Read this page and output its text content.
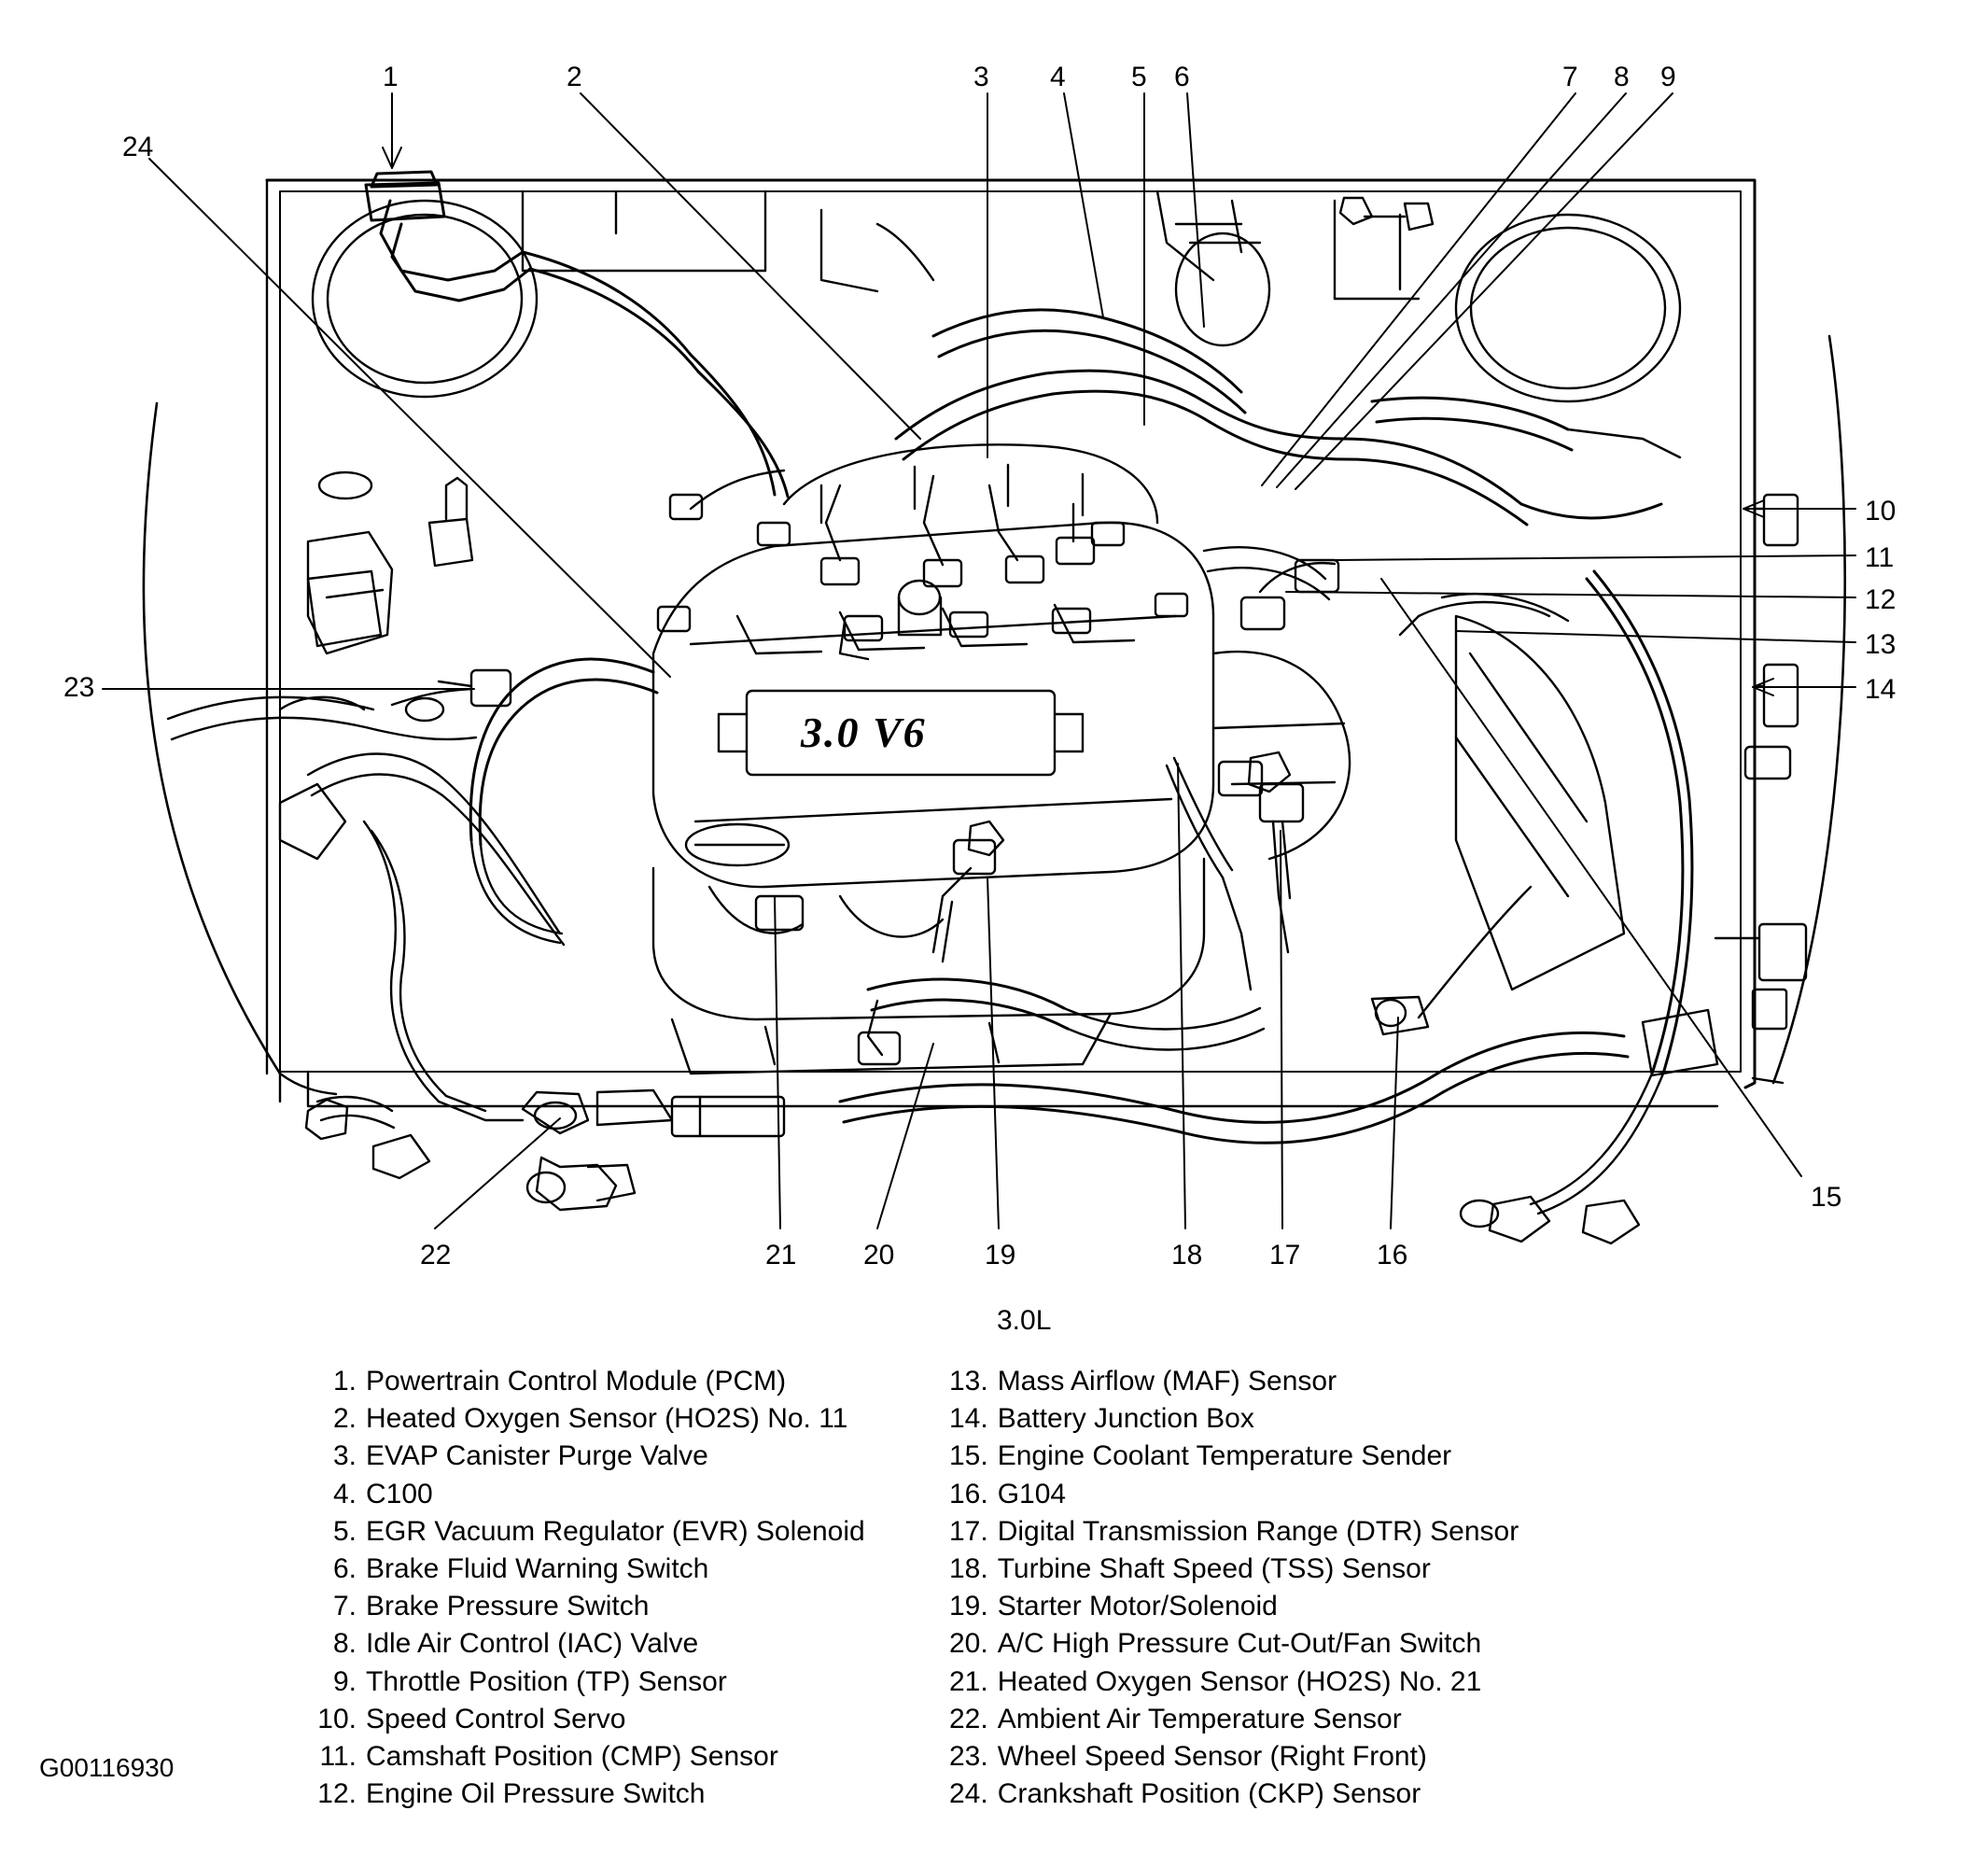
1	2	3 4 5 6	7 8 9
10
11
12
13
14
15
16
17
18
19
20
21
22
23
24
3.0 V6
3.0L
1. Powertrain Control Module (PCM)
2. Heated Oxygen Sensor (HO2S) No. 11
3. EVAP Canister Purge Valve
4. C100
5. EGR Vacuum Regulator (EVR) Solenoid
6. Brake Fluid Warning Switch
7. Brake Pressure Switch
8. Idle Air Control (IAC) Valve
9. Throttle Position (TP) Sensor
10. Speed Control Servo
11. Camshaft Position (CMP) Sensor
12. Engine Oil Pressure Switch
13. Mass Airflow (MAF) Sensor
14. Battery Junction Box
15. Engine Coolant Temperature Sender
16. G104
17. Digital Transmission Range (DTR) Sensor
18. Turbine Shaft Speed (TSS) Sensor
19. Starter Motor/Solenoid
20. A/C High Pressure Cut-Out/Fan Switch
21. Heated Oxygen Sensor (HO2S) No. 21
22. Ambient Air Temperature Sensor
23. Wheel Speed Sensor (Right Front)
24. Crankshaft Position (CKP) Sensor
G00116930
